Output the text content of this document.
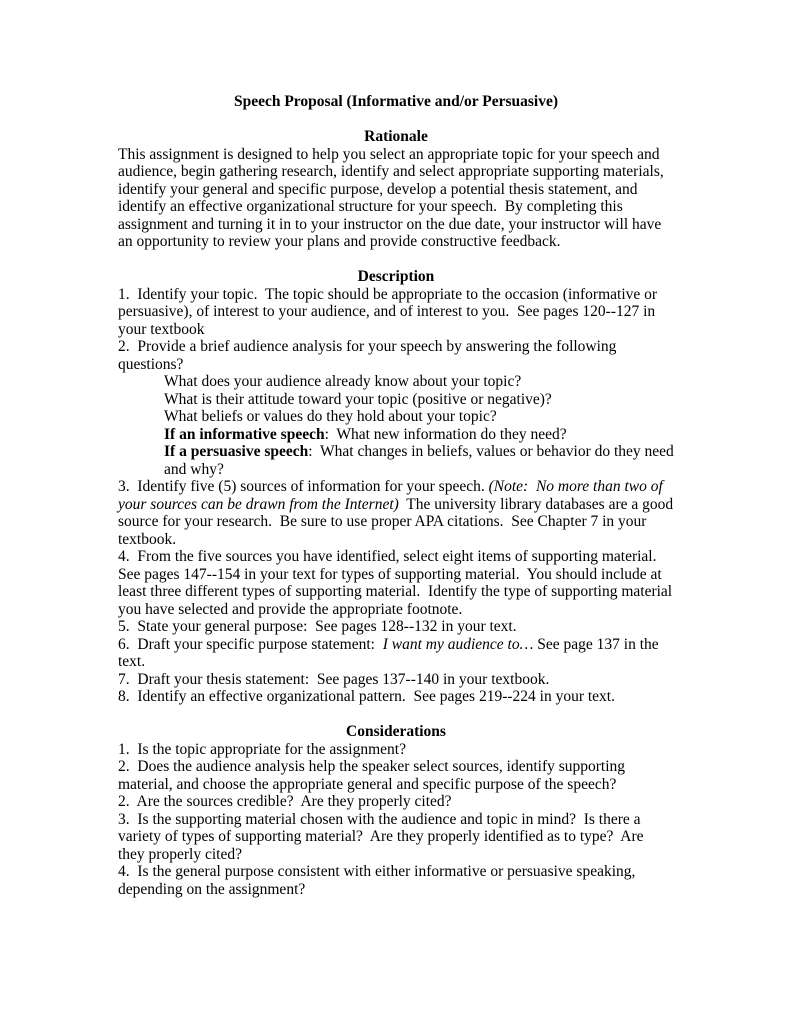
Speech Proposal (Informative and/or Persuasive)
Rationale
This assignment is designed to help you select an appropriate topic for your speech and audience, begin gathering research, identify and select appropriate supporting materials, identify your general and specific purpose, develop a potential thesis statement, and identify an effective organizational structure for your speech.  By completing this assignment and turning it in to your instructor on the due date, your instructor will have an opportunity to review your plans and provide constructive feedback.
Description
1.  Identify your topic.  The topic should be appropriate to the occasion (informative or persuasive), of interest to your audience, and of interest to you.  See pages 120--127 in your textbook
2.  Provide a brief audience analysis for your speech by answering the following questions?
What does your audience already know about your topic?
What is their attitude toward your topic (positive or negative)?
What beliefs or values do they hold about your topic?
If an informative speech:  What new information do they need?
If a persuasive speech:  What changes in beliefs, values or behavior do they need and why?
3.  Identify five (5) sources of information for your speech. (Note:  No more than two of your sources can be drawn from the Internet)  The university library databases are a good source for your research.  Be sure to use proper APA citations.  See Chapter 7 in your textbook.
4.  From the five sources you have identified, select eight items of supporting material.  See pages 147--154 in your text for types of supporting material.  You should include at least three different types of supporting material.  Identify the type of supporting material you have selected and provide the appropriate footnote.
5.  State your general purpose:  See pages 128--132 in your text.
6.  Draft your specific purpose statement:  I want my audience to… See page 137 in the text.
7.  Draft your thesis statement:  See pages 137--140 in your textbook.
8.  Identify an effective organizational pattern.  See pages 219--224 in your text.
Considerations
1.  Is the topic appropriate for the assignment?
2.  Does the audience analysis help the speaker select sources, identify supporting material, and choose the appropriate general and specific purpose of the speech?
2.  Are the sources credible?  Are they properly cited?
3.  Is the supporting material chosen with the audience and topic in mind?  Is there a variety of types of supporting material?  Are they properly identified as to type?  Are they properly cited?
4.  Is the general purpose consistent with either informative or persuasive speaking, depending on the assignment?
